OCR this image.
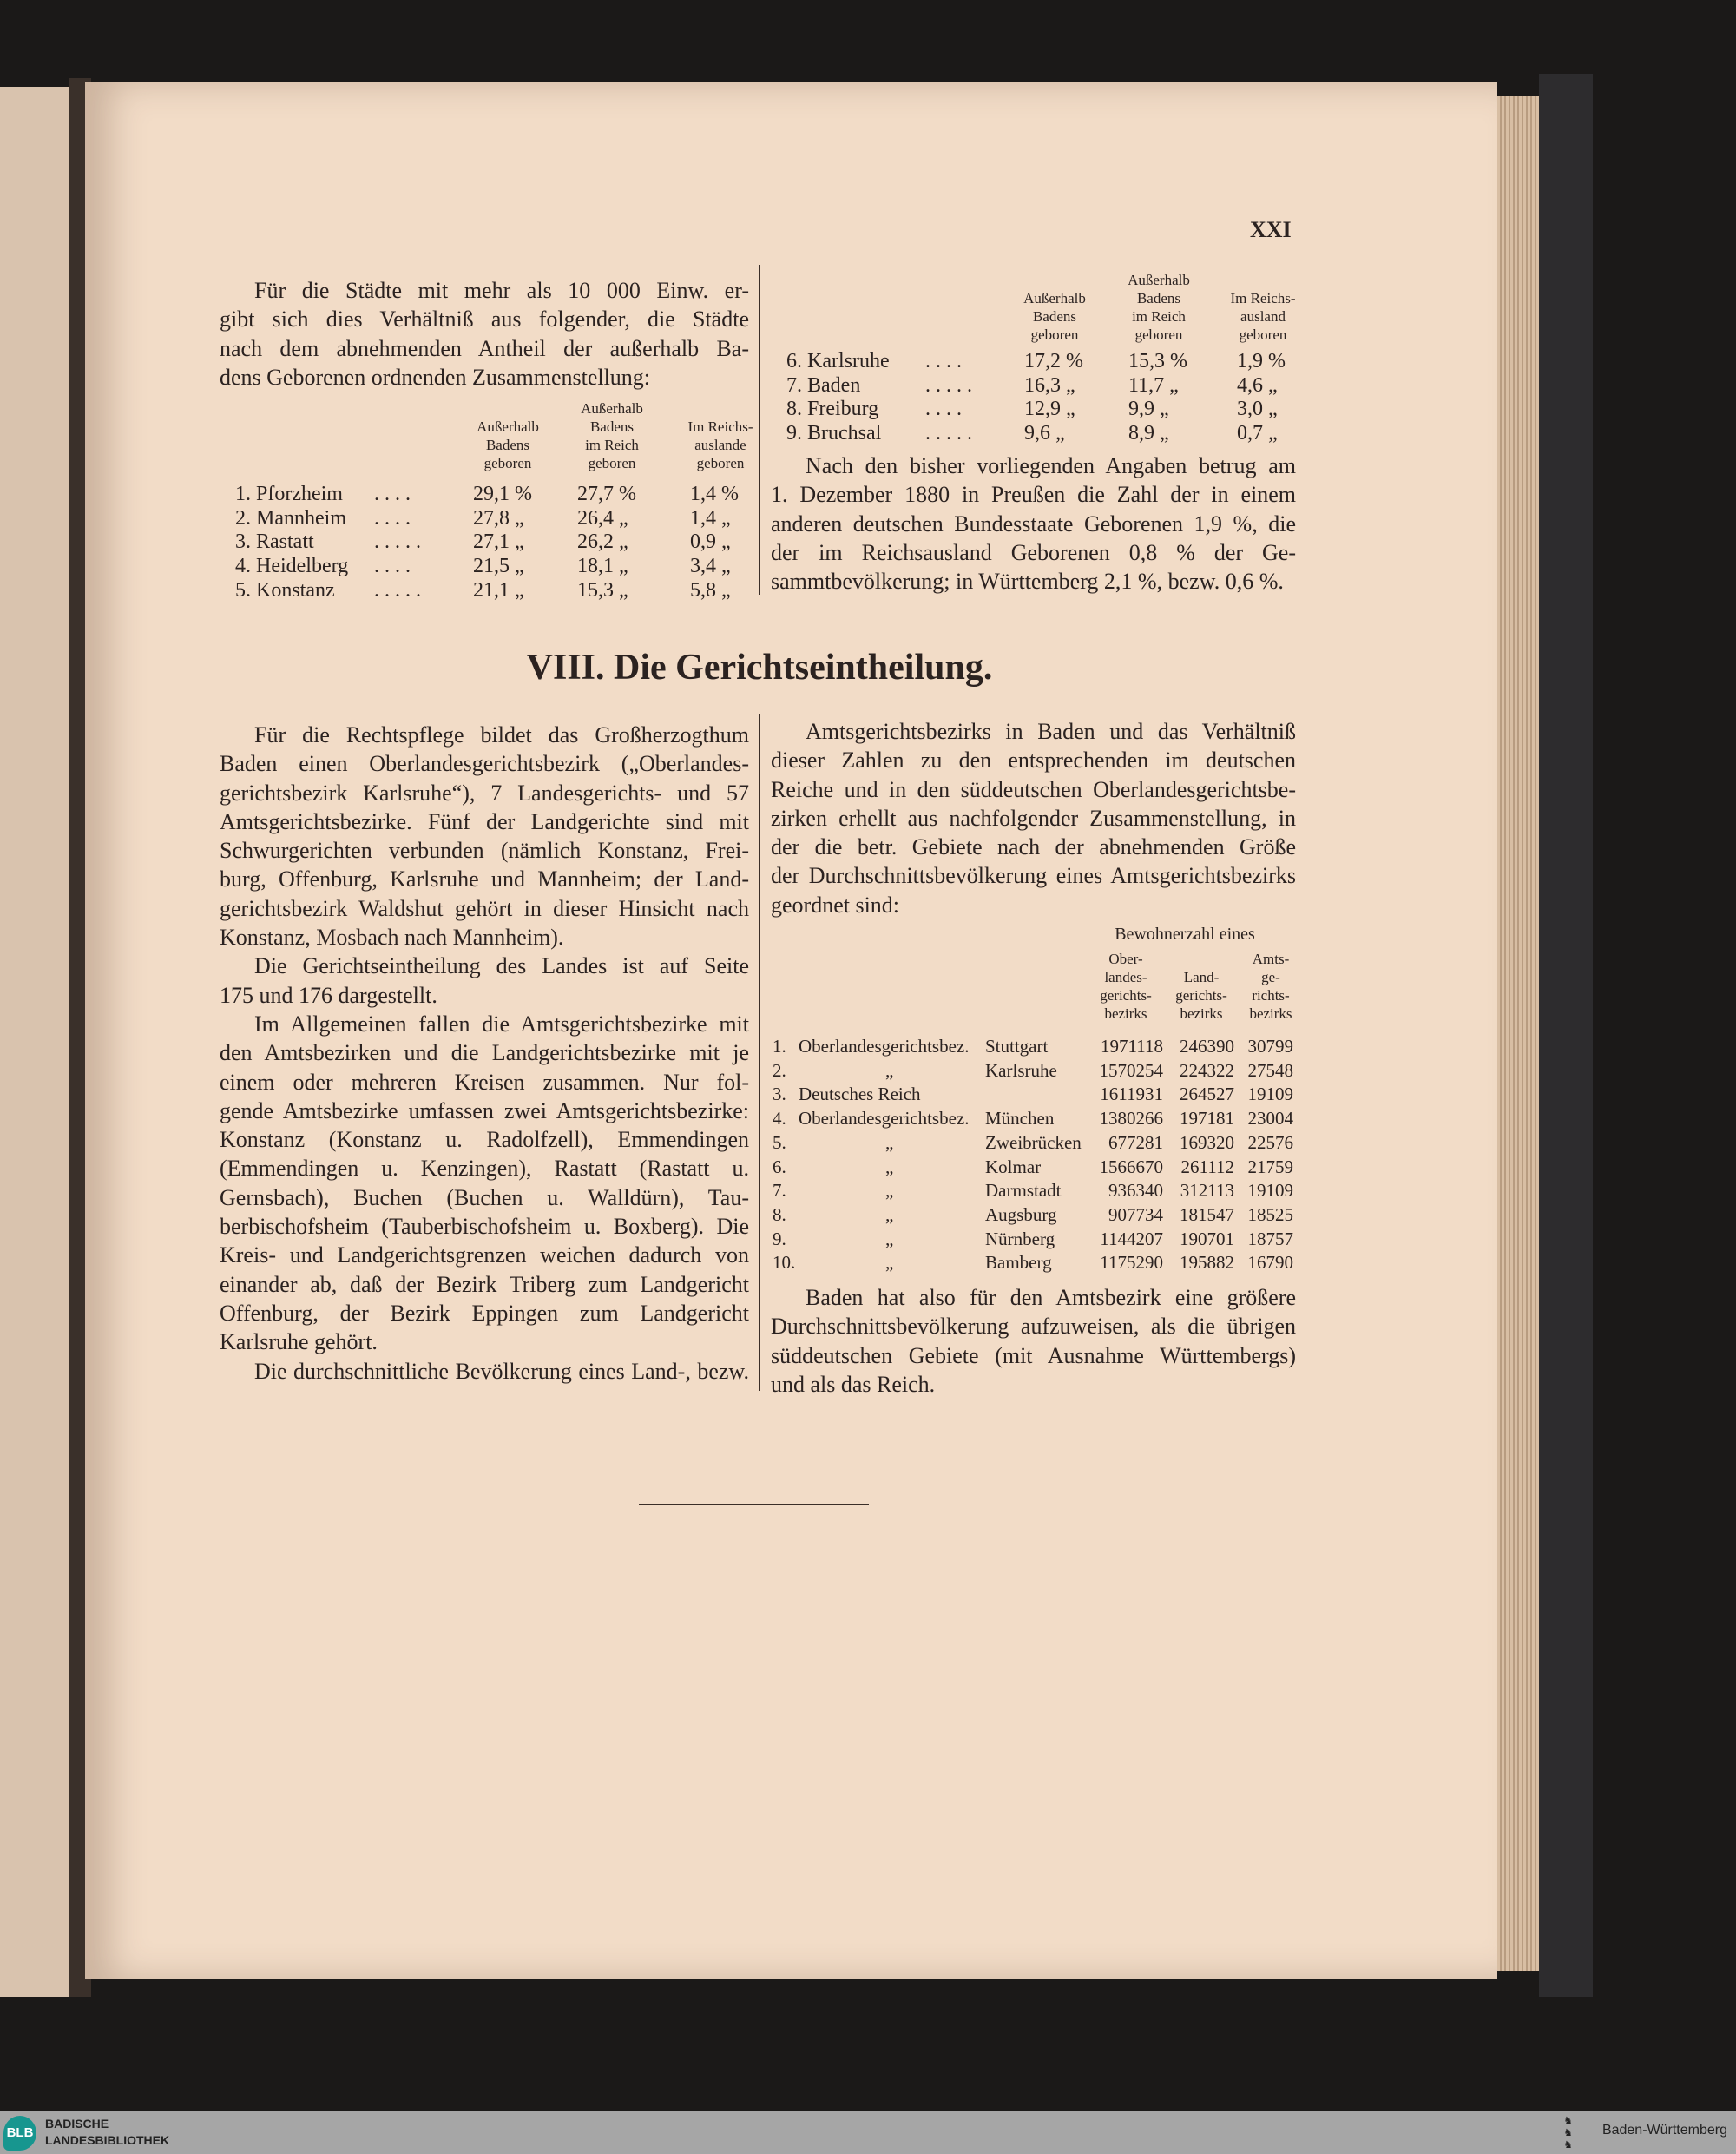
XXI
Für die Städte mit mehr als 10 000 Einw. er-
gibt sich dies Verhältniß aus folgender, die Städte
nach dem abnehmenden Antheil der außerhalb Ba-
dens Geborenen ordnenden Zusammenstellung:
Nach den bisher vorliegenden Angaben betrug am
1. Dezember 1880 in Preußen die Zahl der in einem
anderen deutschen Bundesstaate Geborenen 1,9 %, die
der im Reichsausland Geborenen 0,8 % der Ge-
sammtbevölkerung; in Württemberg 2,1 %, bezw. 0,6 %.
VIII. Die Gerichtseintheilung.
Für die Rechtspflege bildet das Großherzogthum
Baden einen Oberlandesgerichtsbezirk („Oberlandes-
gerichtsbezirk Karlsruhe“), 7 Landesgerichts- und 57
Amtsgerichtsbezirke. Fünf der Landgerichte sind mit
Schwurgerichten verbunden (nämlich Konstanz, Frei-
burg, Offenburg, Karlsruhe und Mannheim; der Land-
gerichtsbezirk Waldshut gehört in dieser Hinsicht nach
Konstanz, Mosbach nach Mannheim).
Die Gerichtseintheilung des Landes ist auf Seite
175 und 176 dargestellt.
Im Allgemeinen fallen die Amtsgerichtsbezirke mit
den Amtsbezirken und die Landgerichtsbezirke mit je
einem oder mehreren Kreisen zusammen. Nur fol-
gende Amtsbezirke umfassen zwei Amtsgerichtsbezirke:
Konstanz (Konstanz u. Radolfzell), Emmendingen
(Emmendingen u. Kenzingen), Rastatt (Rastatt u.
Gernsbach), Buchen (Buchen u. Walldürn), Tau-
berbischofsheim (Tauberbischofsheim u. Boxberg). Die
Kreis- und Landgerichtsgrenzen weichen dadurch von
einander ab, daß der Bezirk Triberg zum Landgericht
Offenburg, der Bezirk Eppingen zum Landgericht
Karlsruhe gehört.
Die durchschnittliche Bevölkerung eines Land-, bezw.
Amtsgerichtsbezirks in Baden und das Verhältniß
dieser Zahlen zu den entsprechenden im deutschen
Reiche und in den süddeutschen Oberlandesgerichtsbe-
zirken erhellt aus nachfolgender Zusammenstellung, in
der die betr. Gebiete nach der abnehmenden Größe
der Durchschnittsbevölkerung eines Amtsgerichtsbezirks
geordnet sind:
Bewohnerzahl eines
Baden hat also für den Amtsbezirk eine größere
Durchschnittsbevölkerung aufzuweisen, als die übrigen
süddeutschen Gebiete (mit Ausnahme Württembergs)
und als das Reich.
BLB
BADISCHE
LANDESBIBLIOTHEK
♞
♞
♞
Baden-Württemberg
Außerhalb
Badens
geboren
Außerhalb
Badens
im Reich
geboren
Im Reichs-
auslande
geboren
1. Pforzheim . . . .	29,1 % 27,7 %	1,4 %
2. Mannheim . . . .	27,8 „	26,4 „	1,4 „
3. Rastatt	. . . . .	27,1 „	26,2 „	0,9 „
4. Heidelberg . . . .	21,5 „	18,1 „	3,4 „
5. Konstanz . . . . .	21,1 „	15,3 „	5,8 „
Außerhalb
Badens
geboren
Außerhalb
Badens
im Reich
geboren
Im Reichs-
ausland
geboren
6. Karlsruhe . . . .	17,2 % 15,3 % 1,9 %
7. Baden	. . . . .	16,3 „	11,7 „	4,6 „
8. Freiburg . . . .	12,9 „	9,9 „	3,0 „
9. Bruchsal . . . . .	9,6 „	8,9 „	0,7 „
Ober-
landes-
gerichts-
bezirks
Land-
gerichts-
bezirks
Amts-
ge-
richts-
bezirks
1. Oberlandesgerichtsbez. Stuttgart	1971118 246390 30799
2.	„	Karlsruhe 1570254 224322 27548
3. Deutsches Reich	1611931 264527 19109
4. Oberlandesgerichtsbez. München 1380266 197181 23004
5.	„	Zweibrücken 677281 169320 22576
6.	„	Kolmar	1566670 261112 21759
7.	„	Darmstadt	936340 312113 19109
8.	„	Augsburg	907734 181547 18525
9.	„	Nürnberg 1144207 190701 18757
10.	„	Bamberg	1175290 195882 16790
